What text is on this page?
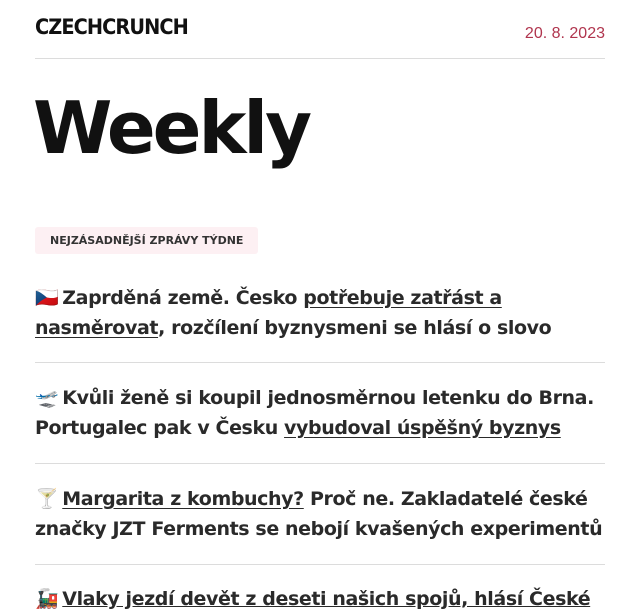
CZECHCRUNCH	20. 8. 2023
Weekly
NEJZÁSADNĚJŠÍ ZPRÁVY TÝDNE
🇨🇿 Zaprděná země. Česko potřebuje zatřást a nasměrovat, rozčílení byznysmeni se hlásí o slovo
🛫 Kvůli ženě si koupil jednosměrnou letenku do Brna. Portugalec pak v Česku vybudoval úspěšný byznys
🍸 Margarita z kombuchy? Proč ne. Zakladatelé české značky JZT Ferments se nebojí kvašených experimentů
🚂 Vlaky jezdí devět z deseti našich spojů, hlásí České
